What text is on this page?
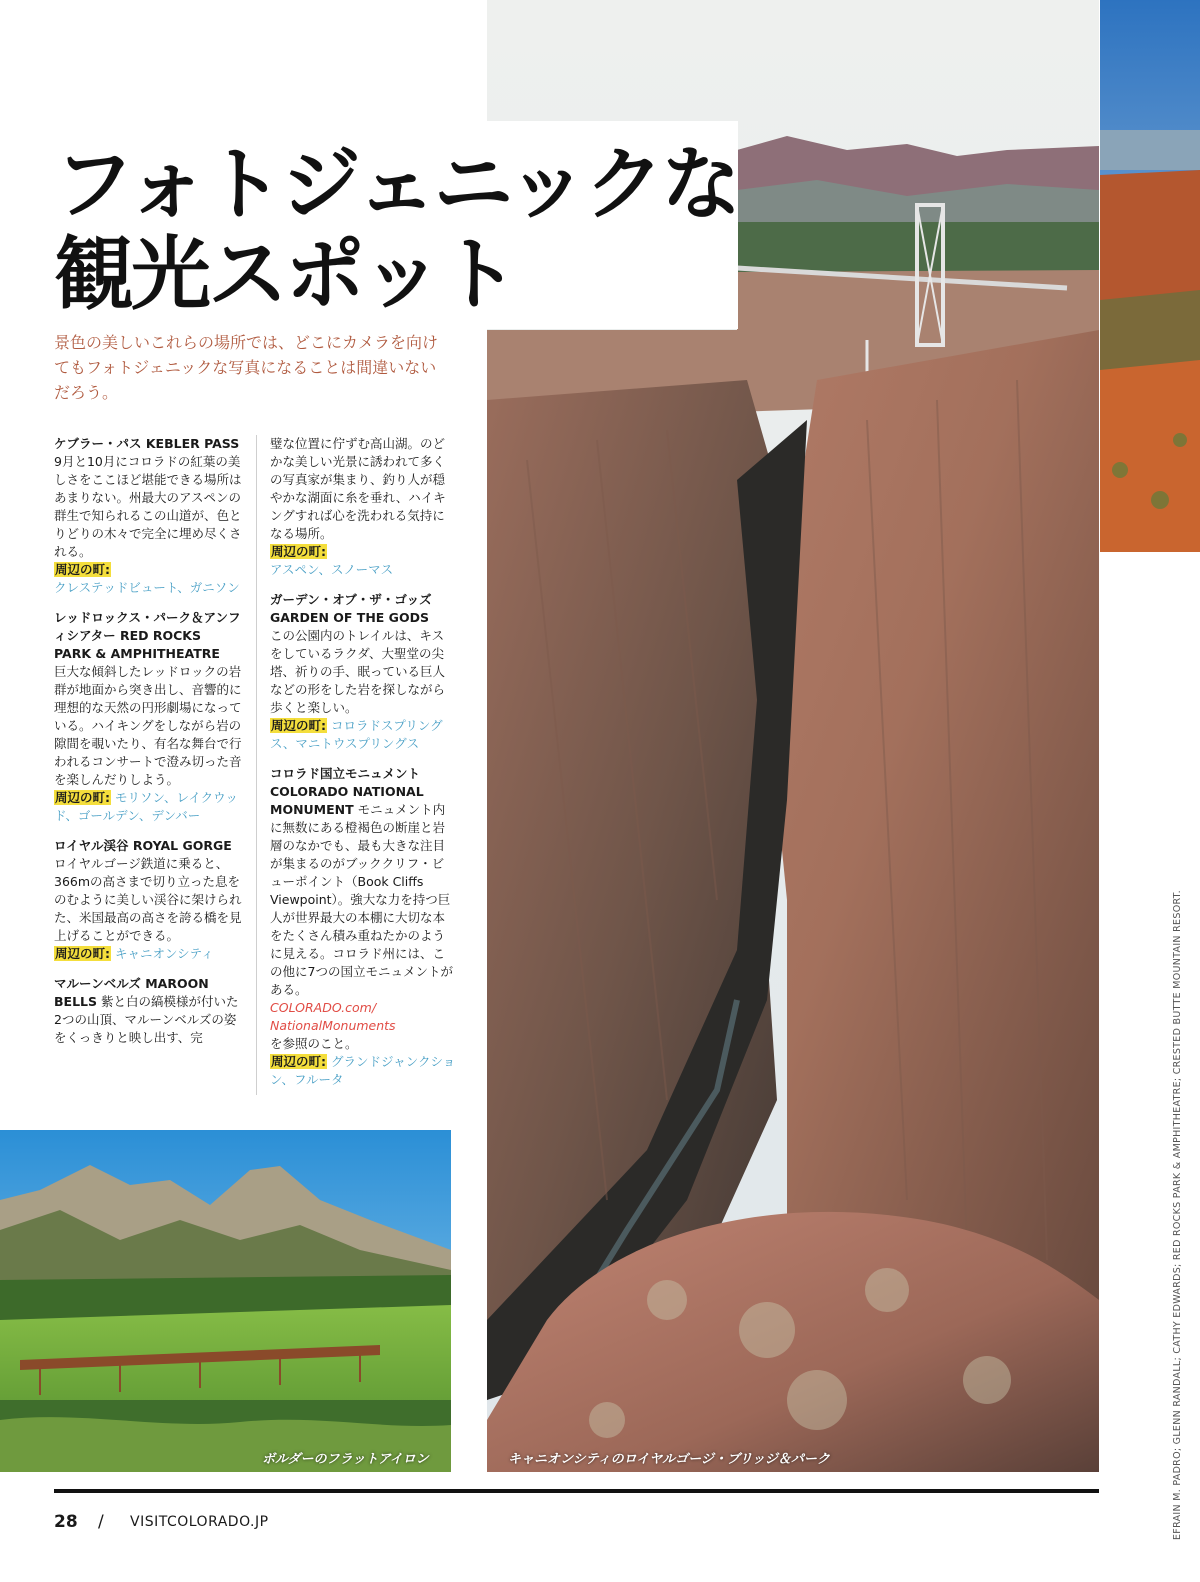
フォトジェニックな
観光スポット

景色の美しいこれらの場所では、どこにカメラを向けてもフォトジェニックな写真になることは間違いないだろう。

ケブラー・パス KEBLER PASS
9月と10月にコロラドの紅葉の美しさをここほど堪能できる場所はあまりない。州最大のアスペンの群生で知られるこの山道が、色とりどりの木々で完全に埋め尽くされる。
周辺の町:
クレステッドビュート、ガニソン
レッドロックス・パーク＆アンフィシアター RED ROCKS PARK & AMPHITHEATRE
巨大な傾斜したレッドロックの岩群が地面から突き出し、音響的に理想的な天然の円形劇場になっている。ハイキングをしながら岩の隙間を覗いたり、有名な舞台で行われるコンサートで澄み切った音を楽しんだりしよう。
周辺の町: モリソン、レイクウッド、ゴールデン、デンバー
ロイヤル渓谷 ROYAL GORGE ロイヤルゴージ鉄道に乗ると、366mの高さまで切り立った息をのむように美しい渓谷に架けられた、米国最高の高さを誇る橋を見上げることができる。
周辺の町: キャニオンシティ
マルーンベルズ MAROON BELLS 紫と白の縞模様が付いた2つの山頂、マルーンベルズの姿をくっきりと映し出す、完
璧な位置に佇ずむ高山湖。のどかな美しい光景に誘われて多くの写真家が集まり、釣り人が穏やかな湖面に糸を垂れ、ハイキングすれば心を洗われる気持になる場所。
周辺の町:
アスペン、スノーマス
ガーデン・オブ・ザ・ゴッズ GARDEN OF THE GODS
この公園内のトレイルは、キスをしているラクダ、大聖堂の尖塔、祈りの手、眠っている巨人などの形をした岩を探しながら歩くと楽しい。
周辺の町: コロラドスプリングス、マニトウスプリングス
コロラド国立モニュメント COLORADO NATIONAL MONUMENT モニュメント内に無数にある橙褐色の断崖と岩層のなかでも、最も大きな注目が集まるのがブッククリフ・ビューポイント（Book Cliffs Viewpoint）。強大な力を持つ巨人が世界最大の本棚に大切な本をたくさん積み重ねたかのように見える。コロラド州には、この他に7つの国立モニュメントがある。
COLORADO.com/
NationalMonuments
を参照のこと。
周辺の町: グランドジャンクション、フルータ
ボルダーのフラットアイロン	キャニオンシティのロイヤルゴージ・ブリッジ＆パーク
28 / VISITCOLORADO.JP	EFRAIN M. PADRO; GLENN RANDALL; CATHY EDWARDS; RED ROCKS PARK & AMPHITHEATRE; CRESTED BUTTE MOUNTAIN RESORT.
